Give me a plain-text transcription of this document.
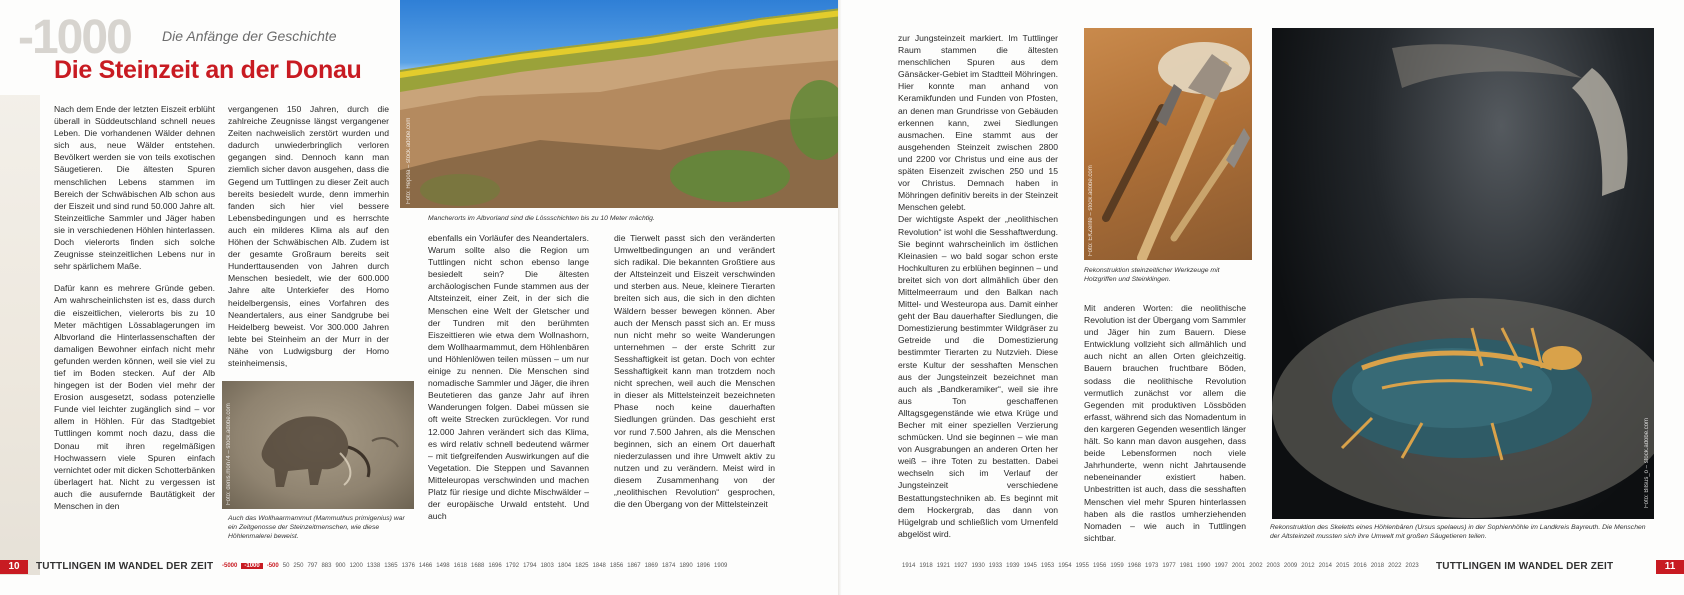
-1000 Die Anfänge der Geschichte
Die Steinzeit an der Donau

Nach dem Ende der letzten Eiszeit erblüht überall in Süddeutschland schnell neues Leben. Die vorhandenen Wälder dehnen sich aus, neue Wälder entstehen. Bevölkert werden sie von teils exotischen Säugetieren. Die ältesten Spuren menschlichen Lebens stammen im Bereich der Schwäbischen Alb schon aus der Eiszeit und sind rund 50.000 Jahre alt. Steinzeitliche Sammler und Jäger haben sie in verschiedenen Höhlen hinterlassen. Doch vielerorts finden sich solche Zeugnisse steinzeitlichen Lebens nur in sehr spärlichem Maße.

Dafür kann es mehrere Gründe geben. Am wahrscheinlichsten ist es, dass durch die eiszeitlichen, vielerorts bis zu 10 Meter mächtigen Lössablagerungen im Albvorland die Hinterlassenschaften der damaligen Bewohner einfach nicht mehr gefunden werden können, weil sie viel zu tief im Boden stecken. Auf der Alb hingegen ist der Boden viel mehr der Erosion ausgesetzt, sodass potenzielle Funde viel leichter zugänglich sind – vor allem in Höhlen. Für das Stadtgebiet Tuttlingen kommt noch dazu, dass die Donau mit ihren regelmäßigen Hochwassern viele Spuren einfach vernichtet oder mit dicken Schotterbänken überlagert hat. Nicht zu vergessen ist auch die ausufernde Bautätigkeit der Menschen in den

vergangenen 150 Jahren, durch die zahlreiche Zeugnisse längst vergangener Zeiten nachweislich zerstört wurden und dadurch unwiederbringlich verloren gegangen sind. Dennoch kann man ziemlich sicher davon ausgehen, dass die Gegend um Tuttlingen zu dieser Zeit auch bereits besiedelt wurde, denn immerhin fanden sich hier viel bessere Lebensbedingungen und es herrschte auch ein milderes Klima als auf den Höhen der Schwäbischen Alb. Zudem ist der gesamte Großraum bereits seit Hunderttausenden von Jahren durch Menschen besiedelt, wie der 600.000 Jahre alte Unterkiefer des Homo heidelbergensis, eines Vorfahren des Neandertalers, aus einer Sandgrube bei Heidelberg beweist. Vor 300.000 Jahren lebte bei Steinheim an der Murr in der Nähe von Ludwigsburg der Homo steinheimensis,

Foto: denis.mon74 – stock.adobe.com
Auch das Wollhaarmammut (Mammuthus primigenius) war ein Zeitgenosse der Steinzeitmenschen, wie diese Höhlenmalerei beweist.
Foto: Hepola – stock.adobe.com
Mancherorts im Albvorland sind die Lössschichten bis zu 10 Meter mächtig.

ebenfalls ein Vorläufer des Neandertalers. Warum sollte also die Region um Tuttlingen nicht schon ebenso lange besiedelt sein? Die ältesten archäologischen Funde stammen aus der Altsteinzeit, einer Zeit, in der sich die Menschen eine Welt der Gletscher und der Tundren mit den berühmten Eiszeittieren wie etwa dem Wollnashorn, dem Wollhaarmammut, dem Höhlenbären und Höhlenlöwen teilen müssen – um nur einige zu nennen. Die Menschen sind nomadische Sammler und Jäger, die ihren Beutetieren das ganze Jahr auf ihren Wanderungen folgen. Dabei müssen sie oft weite Strecken zurücklegen. Vor rund 12.000 Jahren verändert sich das Klima, es wird relativ schnell bedeutend wärmer – mit tiefgreifenden Auswirkungen auf die Vegetation. Die Steppen und Savannen Mitteleuropas verschwinden und machen Platz für riesige und dichte Mischwälder – der europäische Urwald entsteht. Und auch

die Tierwelt passt sich den veränderten Umweltbedingungen an und verändert sich radikal. Die bekannten Großtiere aus der Altsteinzeit und Eiszeit verschwinden und sterben aus. Neue, kleinere Tierarten breiten sich aus, die sich in den dichten Wäldern besser bewegen können. Aber auch der Mensch passt sich an. Er muss nun nicht mehr so weite Wanderungen unternehmen – der erste Schritt zur Sesshaftigkeit ist getan. Doch von echter Sesshaftigkeit kann man trotzdem noch nicht sprechen, weil auch die Menschen in dieser als Mittelsteinzeit bezeichneten Phase noch keine dauerhaften Siedlungen gründen. Das geschieht erst vor rund 7.500 Jahren, als die Menschen beginnen, sich an einem Ort dauerhaft niederzulassen und ihre Umwelt aktiv zu nutzen und zu verändern. Meist wird in diesem Zusammenhang von der „neolithischen Revolution“ gesprochen, die den Übergang von der Mittelsteinzeit

10	TUTTLINGEN IM WANDEL DER ZEIT -5000 -1000 -500 50 250 797 883 900 1200 1338 1365 1376 1466 1498 1618 1688 1696 1792 1794 1803 1804 1825 1848 1856 1867 1869 1874 1890 1896 1909

zur Jungsteinzeit markiert. Im Tuttlinger Raum stammen die ältesten menschlichen Spuren aus dem Gänsäcker-Gebiet im Stadtteil Möhringen. Hier konnte man anhand von Keramikfunden und Funden von Pfosten, an denen man Grundrisse von Gebäuden erkennen kann, zwei Siedlungen ausmachen. Eine stammt aus der ausgehenden Steinzeit zwischen 2800 und 2200 vor Christus und eine aus der späten Eisenzeit zwischen 250 und 15 vor Christus. Demnach haben in Möhringen definitiv bereits in der Steinzeit Menschen gelebt.

Der wichtigste Aspekt der „neolithischen Revolution“ ist wohl die Sesshaftwerdung. Sie beginnt wahrscheinlich im östlichen Kleinasien – wo bald sogar schon erste Hochkulturen zu erblühen beginnen – und breitet sich von dort allmählich über den Mittelmeerraum und den Balkan nach Mittel- und Westeuropa aus. Damit einher geht der Bau dauerhafter Siedlungen, die Domestizierung bestimmter Wildgräser zu Getreide und die Domestizierung bestimmter Tierarten zu Nutzvieh. Diese erste Kultur der sesshaften Menschen aus der Jungsteinzeit bezeichnet man auch als „Bandkeramiker“, weil sie ihre aus Ton geschaffenen Alltagsgegenstände wie etwa Krüge und Becher mit einer speziellen Verzierung schmücken. Und sie beginnen – wie man von Ausgrabungen an anderen Orten her weiß – ihre Toten zu bestatten. Dabei wechseln sich im Verlauf der Jungsteinzeit verschiedene Bestattungstechniken ab. Es beginnt mit dem Hockergrab, das dann von Hügelgrab und schließlich vom Urnenfeld abgelöst wird.

Foto: EKZenfe – stock.adobe.com
Rekonstruktion steinzeitlicher Werkzeuge mit Holzgriffen und Steinklingen.

Mit anderen Worten: die neolithische Revolution ist der Übergang vom Sammler und Jäger hin zum Bauern. Diese Entwicklung vollzieht sich allmählich und auch nicht an allen Orten gleichzeitig. Bauern brauchen fruchtbare Böden, sodass die neolithische Revolution vermutlich zunächst vor allem die Gegenden mit produktiven Lössböden erfasst, während sich das Nomadentum in den kargeren Gegenden wesentlich länger hält. So kann man davon ausgehen, dass beide Lebensformen noch viele Jahrhunderte, wenn nicht Jahrtausende nebeneinander existiert haben. Unbestritten ist auch, dass die sesshaften Menschen viel mehr Spuren hinterlassen haben als die rastlos umherziehenden Nomaden – wie auch in Tuttlingen sichtbar.

Foto: Bilsus_o – stock.adobe.com
Rekonstruktion des Skeletts eines Höhlenbären (Ursus spelaeus) in der Sophienhöhle im Landkreis Bayreuth. Die Menschen der Altsteinzeit mussten sich ihre Umwelt mit großen Säugetieren teilen.
1914 1918 1921 1927 1930 1933 1939 1945 1953 1954 1955 1956 1959 1968 1973 1977 1981 1990 1997 2001 2002 2003 2009 2012 2014 2015 2016 2018 2022 2023	TUTTLINGEN IM WANDEL DER ZEIT	11
